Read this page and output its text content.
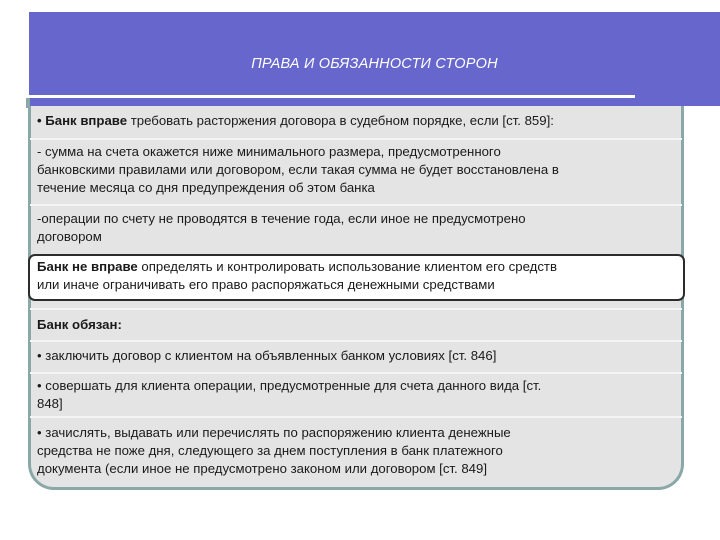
ПРАВА И ОБЯЗАННОСТИ СТОРОН
• Банк вправе требовать расторжения договора в судебном порядке, если [ст. 859]:
- сумма на счета окажется ниже минимального размера, предусмотренного
банковскими правилами или договором, если такая сумма не будет восстановлена в
течение месяца со дня предупреждения об этом банка
-операции по счету не проводятся в течение года, если иное не предусмотрено
договором
Банк не вправе определять и контролировать использование клиентом его средств
или иначе ограничивать его право распоряжаться денежными средствами
Банк обязан:
• заключить договор с клиентом на объявленных банком условиях [ст. 846]
• совершать для клиента операции, предусмотренные для счета данного вида [ст.
848]
• зачислять, выдавать или перечислять по распоряжению клиента денежные
средства не поже дня, следующего за днем поступления в банк платежного
документа (если иное не предусмотрено законом или договором [ст. 849]
